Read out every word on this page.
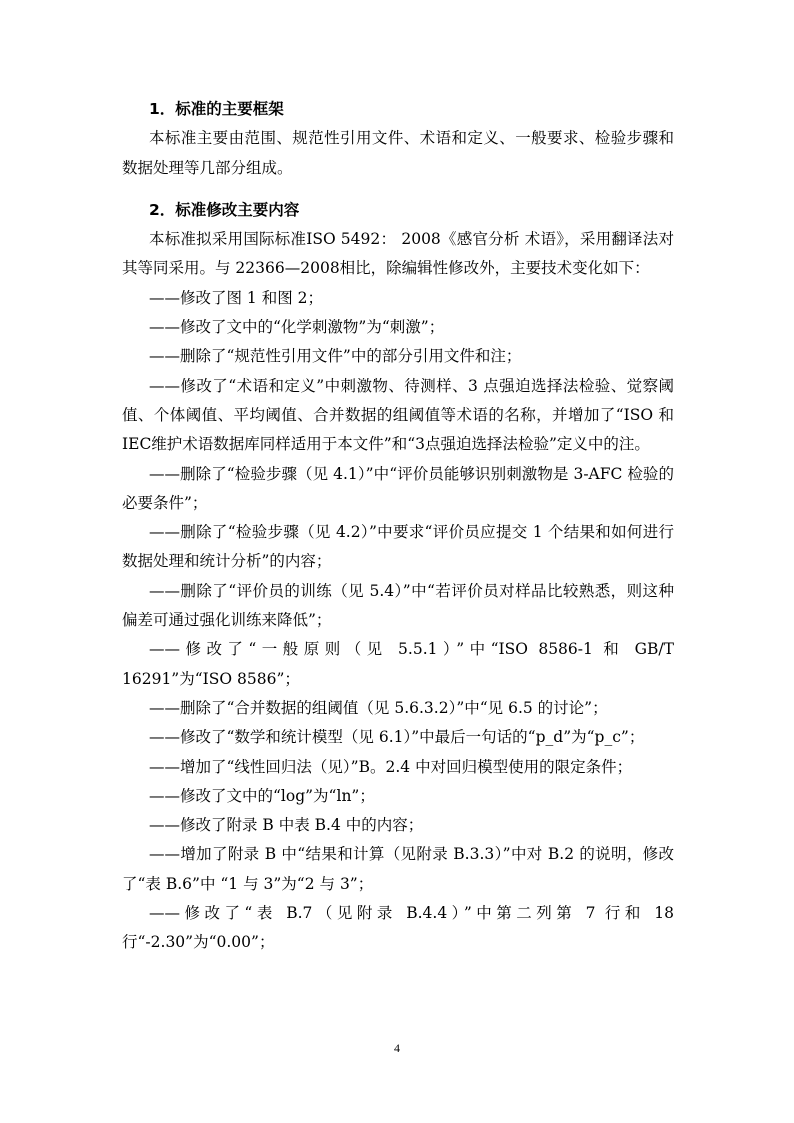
1．标准的主要框架

本标准主要由范围、规范性引用文件、术语和定义、一般要求、检验步骤和数据处理等几部分组成。

2．标准修改主要内容

本标准拟采用国际标准ISO 5492： 2008《感官分析 术语》，采用翻译法对其等同采用。与 22366—2008相比，除编辑性修改外，主要技术变化如下：

——修改了图 1 和图 2；

——修改了文中的“化学刺激物”为“刺激”；

——删除了“规范性引用文件”中的部分引用文件和注；

——修改了“术语和定义”中刺激物、待测样、3 点强迫选择法检验、觉察阈值、个体阈值、平均阈值、合并数据的组阈值等术语的名称，并增加了“ISO 和IEC维护术语数据库同样适用于本文件”和“3点强迫选择法检验”定义中的注。

——删除了“检验步骤（见 4.1）”中“评价员能够识别刺激物是 3-AFC 检验的必要条件”；

——删除了“检验步骤（见 4.2）”中要求“评价员应提交 1 个结果和如何进行数据处理和统计分析”的内容；

——删除了“评价员的训练（见 5.4）”中“若评价员对样品比较熟悉，则这种偏差可通过强化训练来降低”；

——修改了“一般原则（见 5.5.1）”中“ISO 8586-1 和 GB/T 16291”为“ISO 8586”；

——删除了“合并数据的组阈值（见 5.6.3.2）”中“见 6.5 的讨论”；

——修改了“数学和统计模型（见 6.1）”中最后一句话的“p_d”为“p_c”；

——增加了“线性回归法（见）”B。2.4 中对回归模型使用的限定条件；

——修改了文中的“log”为“ln”；

——修改了附录 B 中表 B.4 中的内容；

——增加了附录 B 中“结果和计算（见附录 B.3.3）”中对 B.2 的说明，修改了“表 B.6”中 “1 与 3”为“2 与 3”；

——修改了“表 B.7（见附录 B.4.4）”中第二列第 7 行和 18 行“-2.30”为“0.00”；

4
